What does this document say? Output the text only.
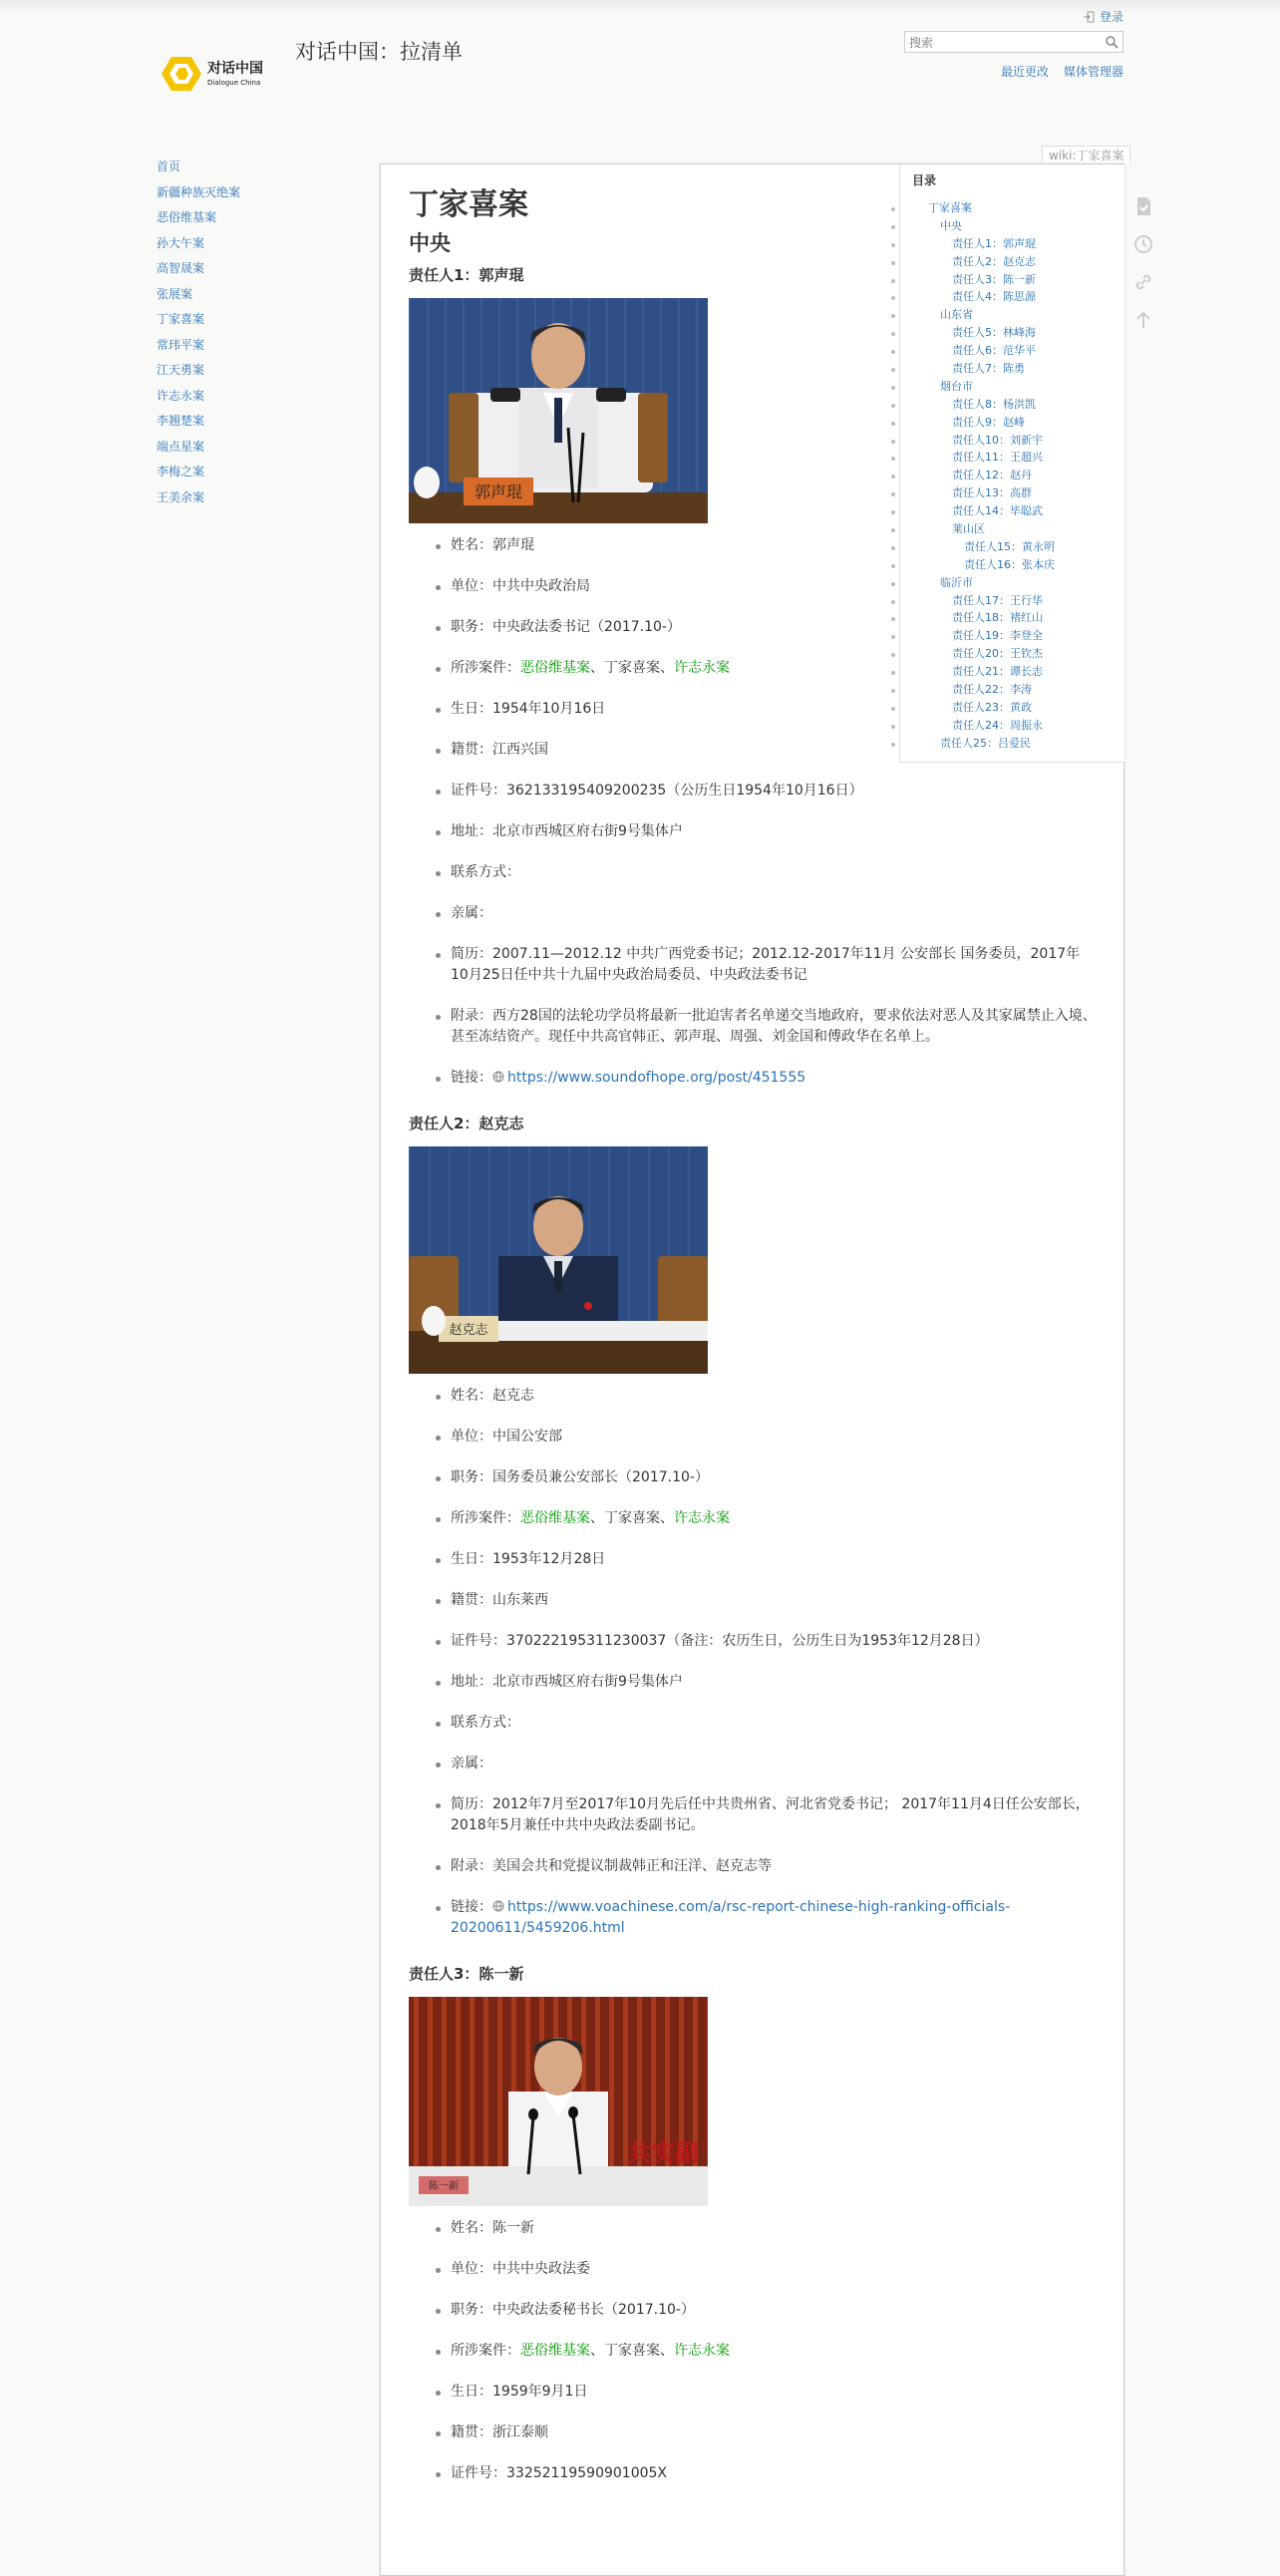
对话中国
Dialogue China
对话中国：拉清单
登录
搜索
最近更改 媒体管理器
首页
新疆种族灭绝案
恶俗维基案
孙大午案
高智晟案
张展案
丁家喜案
常玮平案
江天勇案
许志永案
李翘楚案
端点星案
李梅之案
王美余案
wiki:丁家喜案
目录
丁家喜案
中央
责任人1：郭声琨
责任人2：赵克志
责任人3：陈一新
责任人4：陈思源
山东省
责任人5：林峰海
责任人6：范华平
责任人7：陈勇
烟台市
责任人8：杨洪凯
责任人9：赵峰
责任人10：刘新宇
责任人11：王超兴
责任人12：赵丹
责任人13：高群
责任人14：毕聪武
莱山区
责任人15：黄永明
责任人16：张本庆
临沂市
责任人17：王行华
责任人18：褚红山
责任人19：李登全
责任人20：王钦杰
责任人21：谭长志
责任人22：李涛
责任人23：黄政
责任人24：周振永
责任人25：吕爱民
丁家喜案
中央
责任人1：郭声琨
郭声琨
姓名：郭声琨
单位：中共中央政治局
职务：中央政法委书记（2017.10-）
所涉案件：恶俗维基案、丁家喜案、许志永案
生日：1954年10月16日
籍贯：江西兴国
证件号：362133195409200235（公历生日1954年10月16日）
地址：北京市西城区府右街9号集体户
联系方式：
亲属：
简历：2007.11—2012.12 中共广西党委书记；2012.12-2017年11月 公安部长 国务委员，2017年10月25日任中共十九届中央政治局委员、中央政法委书记
附录：西方28国的法轮功学员将最新一批迫害者名单递交当地政府，要求依法对恶人及其家属禁止入境、甚至冻结资产。现任中共高官韩正、郭声琨、周强、刘金国和傅政华在名单上。
链接： https://www.soundofhope.org/post/451555
责任人2：赵克志
赵克志
姓名：赵克志
单位：中国公安部
职务：国务委员兼公安部长（2017.10-）
所涉案件：恶俗维基案、丁家喜案、许志永案
生日：1953年12月28日
籍贯：山东莱西
证件号：370222195311230037（备注：农历生日，公历生日为1953年12月28日）
地址：北京市西城区府右街9号集体户
联系方式：
亲属：
简历：2012年7月至2017年10月先后任中共贵州省、河北省党委书记； 2017年11月4日任公安部长，2018年5月兼任中共中央政法委副书记。
附录：美国会共和党提议制裁韩正和汪洋、赵克志等
链接： https://www.voachinese.com/a/rsc-report-chinese-high-ranking-officials-20200611/5459206.html
责任人3：陈一新
陈一新
共实副
姓名：陈一新
单位：中共中央政法委
职务：中央政法委秘书长（2017.10-）
所涉案件：恶俗维基案、丁家喜案、许志永案
生日：1959年9月1日
籍贯：浙江泰顺
证件号：33252119590901005X
